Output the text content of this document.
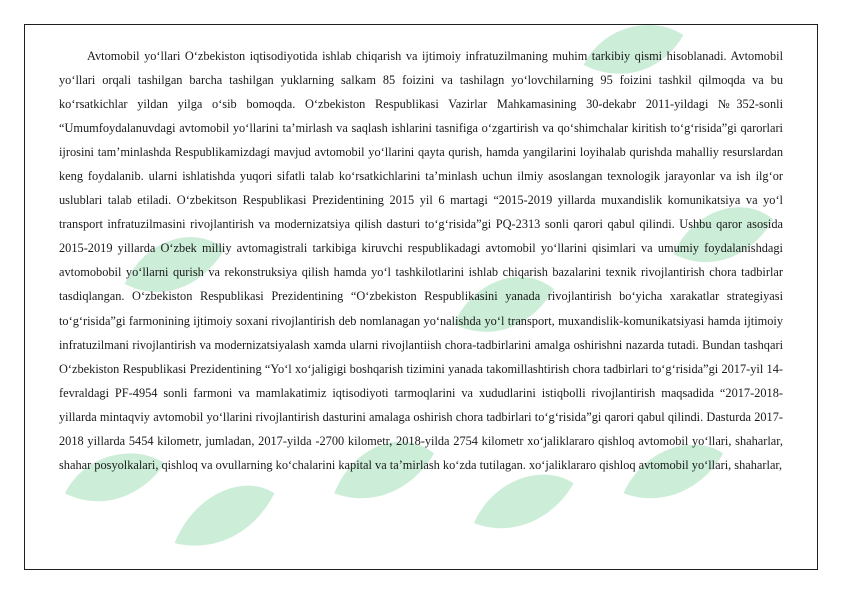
Avtomobil yo‘llari O‘zbekiston iqtisodiyotida ishlab chiqarish va ijtimoiy infratuzilmaning muhim tarkibiy qismi hisoblanadi. Avtomobil yo‘llari orqali tashilgan barcha tashilgan yuklarning salkam 85 foizini va tashilagn yo‘lovchilarning 95 foizini tashkil qilmoqda va bu ko‘rsatkichlar yildan yilga o‘sib bomoqda. O‘zbekiston Respublikasi Vazirlar Mahkamasining 30-dekabr 2011-yildagi №352-sonli “Umumfoydalanuvdagi avtomobil yo‘llarini ta’mirlash va saqlash ishlarini tasnifiga o‘zgartirish va qo‘shimchalar kiritish to‘g‘risida”gi qarorlari ijrosini tam’minlashda Respublikamizdagi mavjud avtomobil yo‘llarini qayta qurish, hamda yangilarini loyihalab qurishda mahalliy resurslardan keng foydalanib. ularni ishlatishda yuqori sifatli talab ko‘rsatkichlarini ta’minlash uchun ilmiy asoslangan texnologik jarayonlar va ish ilg‘or uslublari talab etiladi. O‘zbekitson Respublikasi Prezidentining 2015 yil 6 martagi “2015-2019 yillarda muxandislik komunikatsiya va yo‘l transport infratuzilmasini rivojlantirish va modernizatsiya qilish dasturi to‘g‘risida”gi PQ-2313 sonli qarori qabul qilindi. Ushbu qaror asosida 2015-2019 yillarda O‘zbek milliy avtomagistrali tarkibiga kiruvchi respublikadagi avtomobil yo‘llarini qisimlari va umumiy foydalanishdagi avtomobobil yo‘llarni qurish va rekonstruksiya qilish hamda yo‘l tashkilotlarini ishlab chiqarish bazalarini texnik rivojlantirish chora tadbirlar tasdiqlangan. O‘zbekiston Respublikasi Prezidentining “O‘zbekiston Respublikasini yanada rivojlantirish bo‘yicha xarakatlar strategiyasi to‘g‘risida”gi farmonining ijtimoiy soxani rivojlantirish deb nomlanagan yo‘nalishda yo‘l transport, muxandislik-komunikatsiyasi hamda ijtimoiy infratuzilmani rivojlantirish va modernizatsiyalash xamda ularni rivojlantiish chora-tadbirlarini amalga oshirishni nazarda tutadi. Bundan tashqari O‘zbekiston Respublikasi Prezidentining “Yo‘l xo‘jaligigi boshqarish tizimini yanada takomillashtirish chora tadbirlari to‘g‘risida”gi 2017-yil 14-fevraldagi PF-4954 sonli farmoni va mamlakatimiz iqtisodiyoti tarmoqlarini va xududlarini istiqbolli rivojlantirish maqsadida “2017-2018-yillarda mintaqviy avtomobil yo‘llarini rivojlantirish dasturini amalaga oshirish chora tadbirlari to‘g‘risida”gi qarori qabul qilindi. Dasturda 2017-2018 yillarda 5454 kilometr, jumladan, 2017-yilda -2700 kilometr, 2018-yilda 2754 kilometr xo‘jaliklararo qishloq avtomobil yo‘llari, shaharlar, shahar posyolkalari, qishloq va ovullarning ko‘chalarini kapital va ta’mirlash ko‘zda tutilagan. xo‘jaliklararo qishloq avtomobil yo‘llari, shaharlar,
